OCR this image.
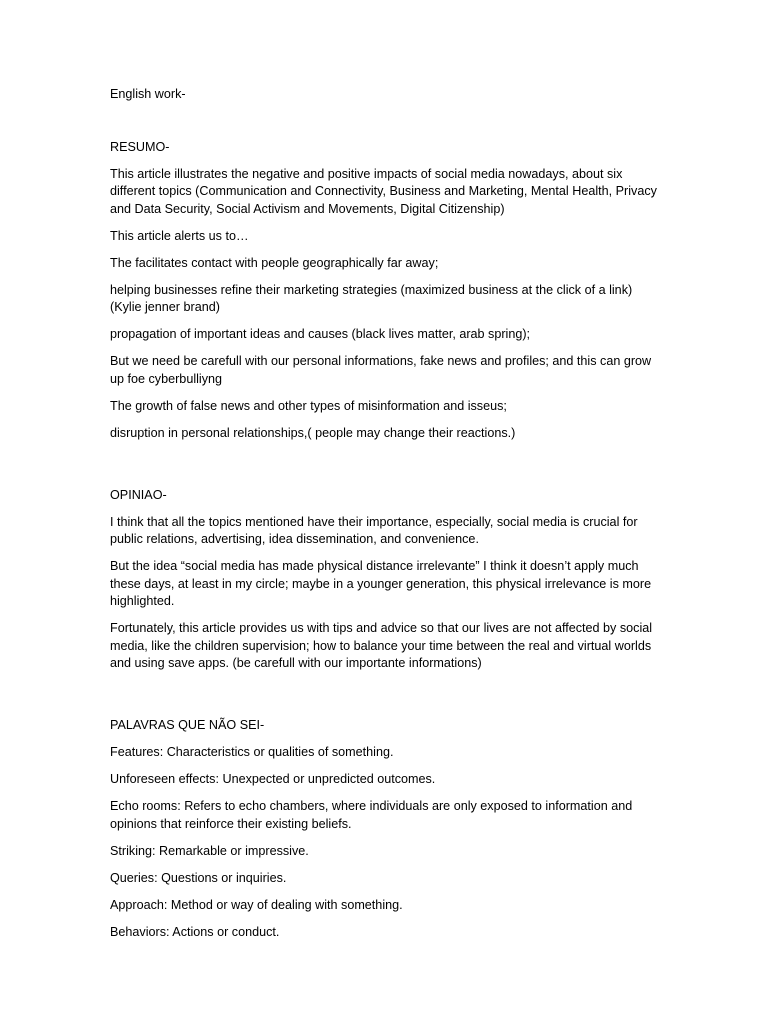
English work-

RESUMO-

This article illustrates the negative and positive impacts of social media nowadays, about six different topics (Communication and Connectivity, Business and Marketing, Mental Health, Privacy and Data Security, Social Activism and Movements, Digital Citizenship)

This article alerts us to…

The facilitates contact with people geographically far away;

helping businesses refine their marketing strategies (maximized business at the click of a link) (Kylie jenner brand)

propagation of important ideas and causes (black lives matter, arab spring);

But we need be carefull with our personal informations, fake news and profiles; and this can grow up foe cyberbulliyng

The growth of false news and other types of misinformation and isseus;

disruption in personal relationships,( people may change their reactions.)

OPINIAO-

I think that all the topics mentioned have their importance, especially, social media is crucial for public relations, advertising, idea dissemination, and convenience.

But the idea “social media has made physical distance irrelevante” I think it doesn’t apply much these days, at least in my circle; maybe in a younger generation, this physical irrelevance is more highlighted.

Fortunately, this article provides us with tips and advice so that our lives are not affected by social media, like the children supervision; how to balance your time between the real and virtual worlds and using save apps. (be carefull with our importante informations)

PALAVRAS QUE NÃO SEI-

Features: Characteristics or qualities of something.

Unforeseen effects: Unexpected or unpredicted outcomes.

Echo rooms: Refers to echo chambers, where individuals are only exposed to information and opinions that reinforce their existing beliefs.

Striking: Remarkable or impressive.

Queries: Questions or inquiries.

Approach: Method or way of dealing with something.

Behaviors: Actions or conduct.
